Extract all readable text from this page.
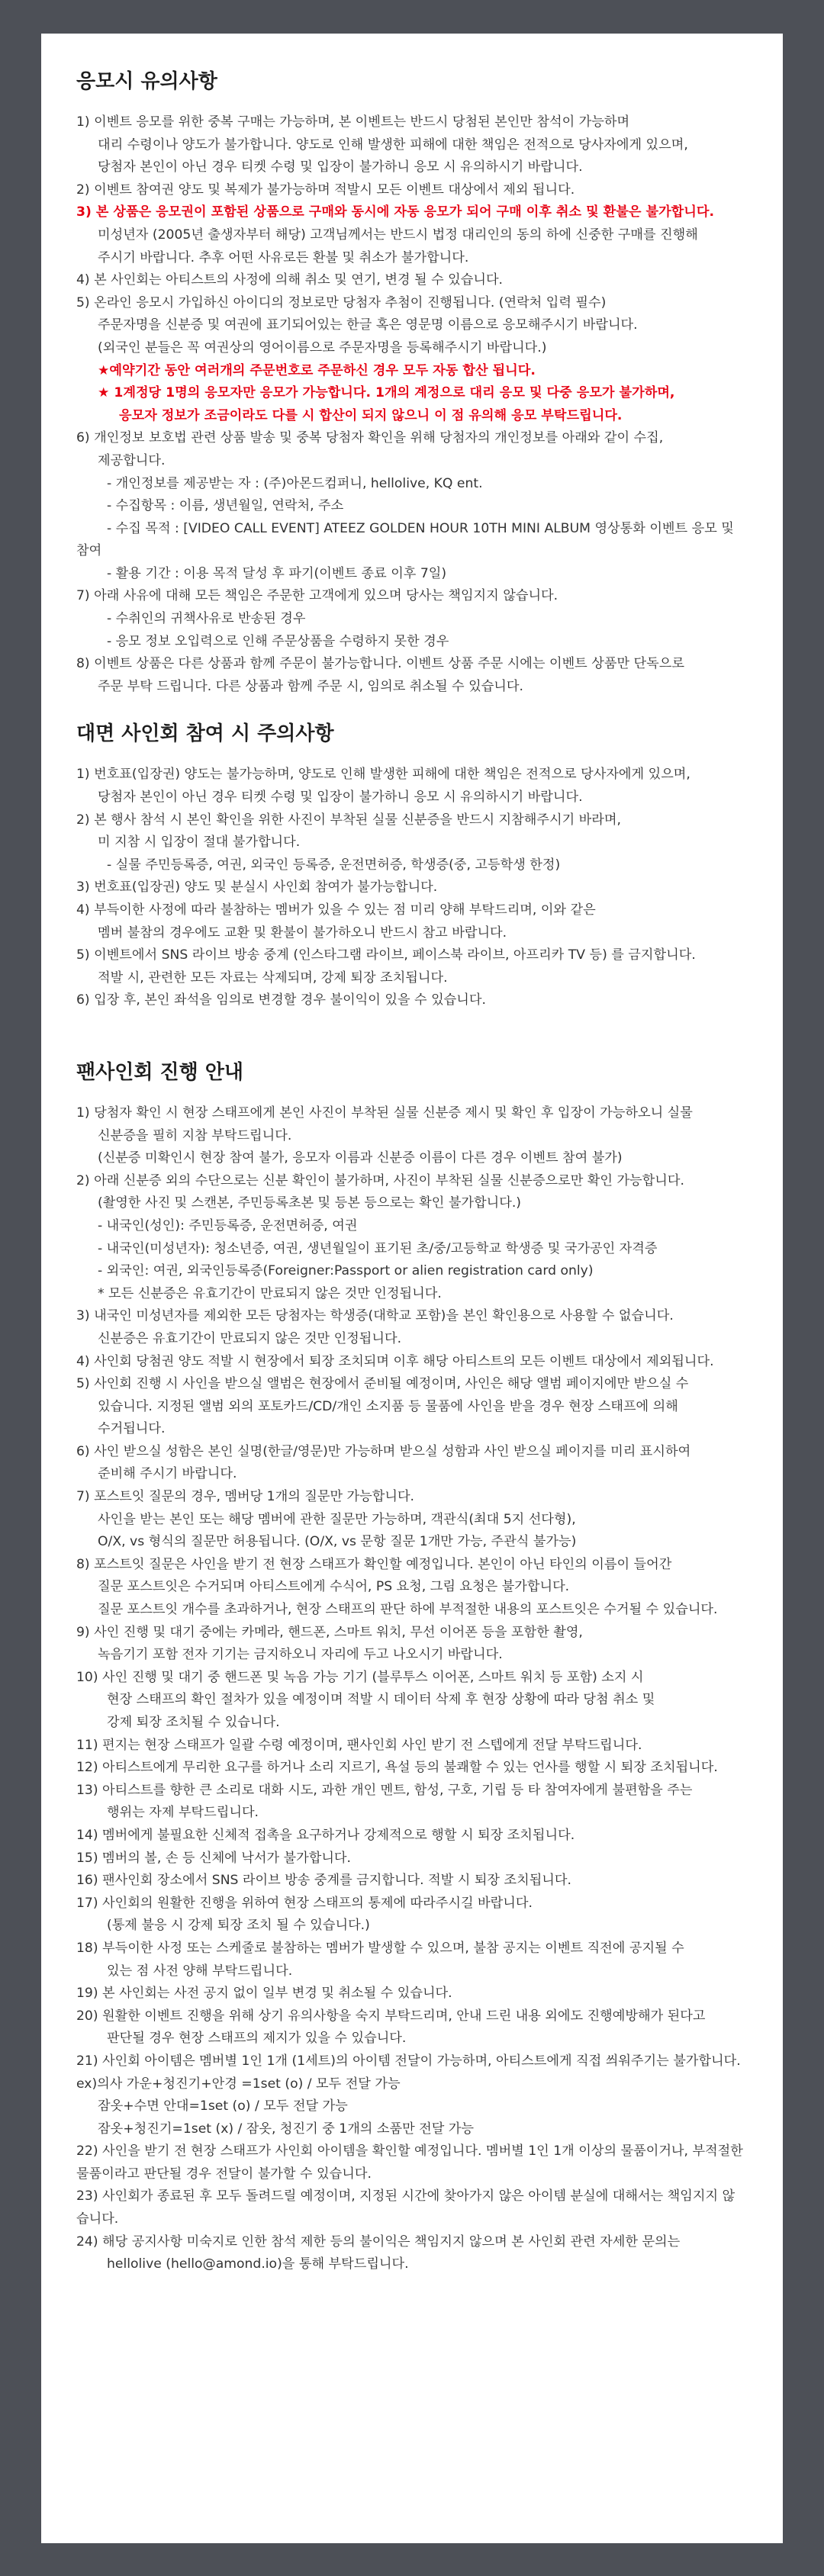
응모시 유의사항
1) 이벤트 응모를 위한 중복 구매는 가능하며, 본 이벤트는 반드시 당첨된 본인만 참석이 가능하며
대리 수령이나 양도가 불가합니다. 양도로 인해 발생한 피해에 대한 책임은 전적으로 당사자에게 있으며,
당첨자 본인이 아닌 경우 티켓 수령 및 입장이 불가하니 응모 시 유의하시기 바랍니다.
2) 이벤트 참여권 양도 및 복제가 불가능하며 적발시 모든 이벤트 대상에서 제외 됩니다.
3) 본 상품은 응모권이 포함된 상품으로 구매와 동시에 자동 응모가 되어 구매 이후 취소 및 환불은 불가합니다.
미성년자 (2005년 출생자부터 해당) 고객님께서는 반드시 법정 대리인의 동의 하에 신중한 구매를 진행해
주시기 바랍니다. 추후 어떤 사유로든 환불 및 취소가 불가합니다.
4) 본 사인회는 아티스트의 사정에 의해 취소 및 연기, 변경 될 수 있습니다.
5) 온라인 응모시 가입하신 아이디의 정보로만 당첨자 추첨이 진행됩니다. (연락처 입력 필수)
주문자명을 신분증 및 여권에 표기되어있는 한글 혹은 영문명 이름으로 응모해주시기 바랍니다.
(외국인 분들은 꼭 여권상의 영어이름으로 주문자명을 등록해주시기 바랍니다.)
★예약기간 동안 여러개의 주문번호로 주문하신 경우 모두 자동 합산 됩니다.
★ 1계정당 1명의 응모자만 응모가 가능합니다. 1개의 계정으로 대리 응모 및 다중 응모가 불가하며,
응모자 정보가 조금이라도 다를 시 합산이 되지 않으니 이 점 유의해 응모 부탁드립니다.
6) 개인정보 보호법 관련 상품 발송 및 중복 당첨자 확인을 위해 당첨자의 개인정보를 아래와 같이 수집,
제공합니다.
- 개인정보를 제공받는 자 : (주)아몬드컴퍼니, hellolive, KQ ent.
- 수집항목 : 이름, 생년월일, 연락처, 주소
- 수집 목적 : [VIDEO CALL EVENT] ATEEZ GOLDEN HOUR 10TH MINI ALBUM 영상통화 이벤트 응모 및
참여
- 활용 기간 : 이용 목적 달성 후 파기(이벤트 종료 이후 7일)
7) 아래 사유에 대해 모든 책임은 주문한 고객에게 있으며 당사는 책임지지 않습니다.
- 수취인의 귀책사유로 반송된 경우
- 응모 정보 오입력으로 인해 주문상품을 수령하지 못한 경우
8) 이벤트 상품은 다른 상품과 함께 주문이 불가능합니다. 이벤트 상품 주문 시에는 이벤트 상품만 단독으로
주문 부탁 드립니다. 다른 상품과 함께 주문 시, 임의로 취소될 수 있습니다.
대면 사인회 참여 시 주의사항
1) 번호표(입장권) 양도는 불가능하며, 양도로 인해 발생한 피해에 대한 책임은 전적으로 당사자에게 있으며,
당첨자 본인이 아닌 경우 티켓 수령 및 입장이 불가하니 응모 시 유의하시기 바랍니다.
2) 본 행사 참석 시 본인 확인을 위한 사진이 부착된 실물 신분증을 반드시 지참해주시기 바라며,
미 지참 시 입장이 절대 불가합니다.
- 실물 주민등록증, 여권, 외국인 등록증, 운전면허증, 학생증(중, 고등학생 한정)
3) 번호표(입장권) 양도 및 분실시 사인회 참여가 불가능합니다.
4) 부득이한 사정에 따라 불참하는 멤버가 있을 수 있는 점 미리 양해 부탁드리며, 이와 같은
멤버 불참의 경우에도 교환 및 환불이 불가하오니 반드시 참고 바랍니다.
5) 이벤트에서 SNS 라이브 방송 중계 (인스타그램 라이브, 페이스북 라이브, 아프리카 TV 등) 를 금지합니다.
적발 시, 관련한 모든 자료는 삭제되며, 강제 퇴장 조치됩니다.
6) 입장 후, 본인 좌석을 임의로 변경할 경우 불이익이 있을 수 있습니다.
팬사인회 진행 안내
1) 당첨자 확인 시 현장 스태프에게 본인 사진이 부착된 실물 신분증 제시 및 확인 후 입장이 가능하오니 실물
신분증을 필히 지참 부탁드립니다.
(신분증 미확인시 현장 참여 불가, 응모자 이름과 신분증 이름이 다른 경우 이벤트 참여 불가)
2) 아래 신분증 외의 수단으로는 신분 확인이 불가하며, 사진이 부착된 실물 신분증으로만 확인 가능합니다.
(촬영한 사진 및 스캔본, 주민등록초본 및 등본 등으로는 확인 불가합니다.)
- 내국인(성인): 주민등록증, 운전면허증, 여권
- 내국인(미성년자): 청소년증, 여권, 생년월일이 표기된 초/중/고등학교 학생증 및 국가공인 자격증
- 외국인: 여권, 외국인등록증(Foreigner:Passport or alien registration card only)
* 모든 신분증은 유효기간이 만료되지 않은 것만 인정됩니다.
3) 내국인 미성년자를 제외한 모든 당첨자는 학생증(대학교 포함)을 본인 확인용으로 사용할 수 없습니다.
신분증은 유효기간이 만료되지 않은 것만 인정됩니다.
4) 사인회 당첨권 양도 적발 시 현장에서 퇴장 조치되며 이후 해당 아티스트의 모든 이벤트 대상에서 제외됩니다.
5) 사인회 진행 시 사인을 받으실 앨범은 현장에서 준비될 예정이며, 사인은 해당 앨범 페이지에만 받으실 수
있습니다. 지정된 앨범 외의 포토카드/CD/개인 소지품 등 물품에 사인을 받을 경우 현장 스태프에 의해
수거됩니다.
6) 사인 받으실 성함은 본인 실명(한글/영문)만 가능하며 받으실 성함과 사인 받으실 페이지를 미리 표시하여
준비해 주시기 바랍니다.
7) 포스트잇 질문의 경우, 멤버당 1개의 질문만 가능합니다.
사인을 받는 본인 또는 해당 멤버에 관한 질문만 가능하며, 객관식(최대 5지 선다형),
O/X, vs 형식의 질문만 허용됩니다. (O/X, vs 문항 질문 1개만 가능, 주관식 불가능)
8) 포스트잇 질문은 사인을 받기 전 현장 스태프가 확인할 예정입니다. 본인이 아닌 타인의 이름이 들어간
질문 포스트잇은 수거되며 아티스트에게 수식어, PS 요청, 그림 요청은 불가합니다.
질문 포스트잇 개수를 초과하거나, 현장 스태프의 판단 하에 부적절한 내용의 포스트잇은 수거될 수 있습니다.
9) 사인 진행 및 대기 중에는 카메라, 핸드폰, 스마트 워치, 무선 이어폰 등을 포함한 촬영,
녹음기기 포함 전자 기기는 금지하오니 자리에 두고 나오시기 바랍니다.
10) 사인 진행 및 대기 중 핸드폰 및 녹음 가능 기기 (블루투스 이어폰, 스마트 워치 등 포함) 소지 시
현장 스태프의 확인 절차가 있을 예정이며 적발 시 데이터 삭제 후 현장 상황에 따라 당첨 취소 및
강제 퇴장 조치될 수 있습니다.
11) 편지는 현장 스태프가 일괄 수령 예정이며, 팬사인회 사인 받기 전 스텝에게 전달 부탁드립니다.
12) 아티스트에게 무리한 요구를 하거나 소리 지르기, 욕설 등의 불쾌할 수 있는 언사를 행할 시 퇴장 조치됩니다.
13) 아티스트를 향한 큰 소리로 대화 시도, 과한 개인 멘트, 함성, 구호, 기립 등 타 참여자에게 불편함을 주는
행위는 자제 부탁드립니다.
14) 멤버에게 불필요한 신체적 접촉을 요구하거나 강제적으로 행할 시 퇴장 조치됩니다.
15) 멤버의 볼, 손 등 신체에 낙서가 불가합니다.
16) 팬사인회 장소에서 SNS 라이브 방송 중계를 금지합니다. 적발 시 퇴장 조치됩니다.
17) 사인회의 원활한 진행을 위하여 현장 스태프의 통제에 따라주시길 바랍니다.
(통제 불응 시 강제 퇴장 조치 될 수 있습니다.)
18) 부득이한 사정 또는 스케줄로 불참하는 멤버가 발생할 수 있으며, 불참 공지는 이벤트 직전에 공지될 수
있는 점 사전 양해 부탁드립니다.
19) 본 사인회는 사전 공지 없이 일부 변경 및 취소될 수 있습니다.
20) 원활한 이벤트 진행을 위해 상기 유의사항을 숙지 부탁드리며, 안내 드린 내용 외에도 진행예방해가 된다고
판단될 경우 현장 스태프의 제지가 있을 수 있습니다.
21) 사인회 아이템은 멤버별 1인 1개 (1세트)의 아이템 전달이 가능하며, 아티스트에게 직접 씌워주기는 불가합니다.
ex)의사 가운+청진기+안경 =1set (o) / 모두 전달 가능
잠옷+수면 안대=1set (o) / 모두 전달 가능
잠옷+청진기=1set (x) / 잠옷, 청진기 중 1개의 소품만 전달 가능
22) 사인을 받기 전 현장 스태프가 사인회 아이템을 확인할 예정입니다. 멤버별 1인 1개 이상의 물품이거나, 부적절한
물품이라고 판단될 경우 전달이 불가할 수 있습니다.
23) 사인회가 종료된 후 모두 돌려드릴 예정이며, 지정된 시간에 찾아가지 않은 아이템 분실에 대해서는 책임지지 않
습니다.
24) 해당 공지사항 미숙지로 인한 참석 제한 등의 불이익은 책임지지 않으며 본 사인회 관련 자세한 문의는
hellolive (hello@amond.io)을 통해 부탁드립니다.
